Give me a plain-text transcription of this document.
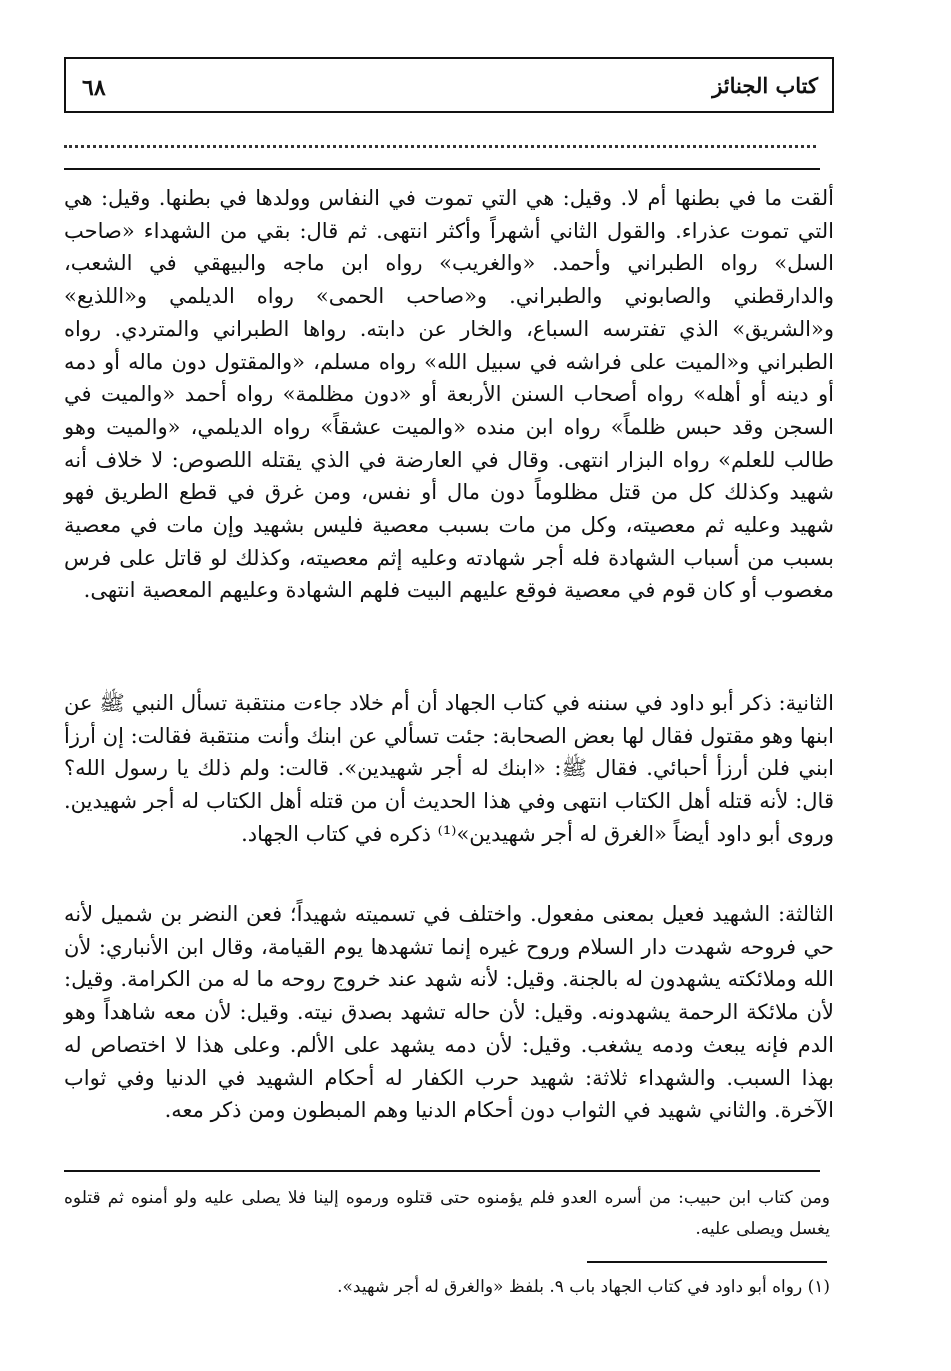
كتاب الجنائز
٦٨

ألقت ما في بطنها أم لا. وقيل: هي التي تموت في النفاس وولدها في بطنها. وقيل: هي التي تموت عذراء. والقول الثاني أشهراً وأكثر انتهى. ثم قال: بقي من الشهداء «صاحب السل» رواه الطبراني وأحمد. «والغريب» رواه ابن ماجه والبيهقي في الشعب، والدارقطني والصابوني والطبراني. و«صاحب الحمى» رواه الديلمي و«اللذيع» و«الشريق» الذي تفترسه السباع، والخار عن دابته. رواها الطبراني والمتردي. رواه الطبراني و«الميت على فراشه في سبيل الله» رواه مسلم، «والمقتول دون ماله أو دمه أو دينه أو أهله» رواه أصحاب السنن الأربعة أو «دون مظلمة» رواه أحمد «والميت في السجن وقد حبس ظلماً» رواه ابن منده «والميت عشقاً» رواه الديلمي، «والميت وهو طالب للعلم» رواه البزار انتهى. وقال في العارضة في الذي يقتله اللصوص: لا خلاف أنه شهيد وكذلك كل من قتل مظلوماً دون مال أو نفس، ومن غرق في قطع الطريق فهو شهيد وعليه ثم معصيته، وكل من مات بسبب معصية فليس بشهيد وإن مات في معصية بسبب من أسباب الشهادة فله أجر شهادته وعليه إثم معصيته، وكذلك لو قاتل على فرس مغصوب أو كان قوم في معصية فوقع عليهم البيت فلهم الشهادة وعليهم المعصية انتهى.

الثانية: ذكر أبو داود في سننه في كتاب الجهاد أن أم خلاد جاءت منتقبة تسأل النبي ﷺ عن ابنها وهو مقتول فقال لها بعض الصحابة: جئت تسألي عن ابنك وأنت منتقبة فقالت: إن أرزأ ابني فلن أرزأ أحبائي. فقال ﷺ: «ابنك له أجر شهيدين». قالت: ولم ذلك يا رسول الله؟ قال: لأنه قتله أهل الكتاب انتهى وفي هذا الحديث أن من قتله أهل الكتاب له أجر شهيدين. وروى أبو داود أيضاً «الغرق له أجر شهيدين»⁽¹⁾ ذكره في كتاب الجهاد.

الثالثة: الشهيد فعيل بمعنى مفعول. واختلف في تسميته شهيداً؛ فعن النضر بن شميل لأنه حي فروحه شهدت دار السلام وروح غيره إنما تشهدها يوم القيامة، وقال ابن الأنباري: لأن الله وملائكته يشهدون له بالجنة. وقيل: لأنه شهد عند خروج روحه ما له من الكرامة. وقيل: لأن ملائكة الرحمة يشهدونه. وقيل: لأن حاله تشهد بصدق نيته. وقيل: لأن معه شاهداً وهو الدم فإنه يبعث ودمه يشغب. وقيل: لأن دمه يشهد على الألم. وعلى هذا لا اختصاص له بهذا السبب. والشهداء ثلاثة: شهيد حرب الكفار له أحكام الشهيد في الدنيا وفي ثواب الآخرة. والثاني شهيد في الثواب دون أحكام الدنيا وهم المبطون ومن ذكر معه.

ومن كتاب ابن حبيب: من أسره العدو فلم يؤمنوه حتى قتلوه ورموه إلينا فلا يصلى عليه ولو أمنوه ثم قتلوه يغسل ويصلى عليه.
(١) رواه أبو داود في كتاب الجهاد باب ٩. بلفظ «والغرق له أجر شهيد».
